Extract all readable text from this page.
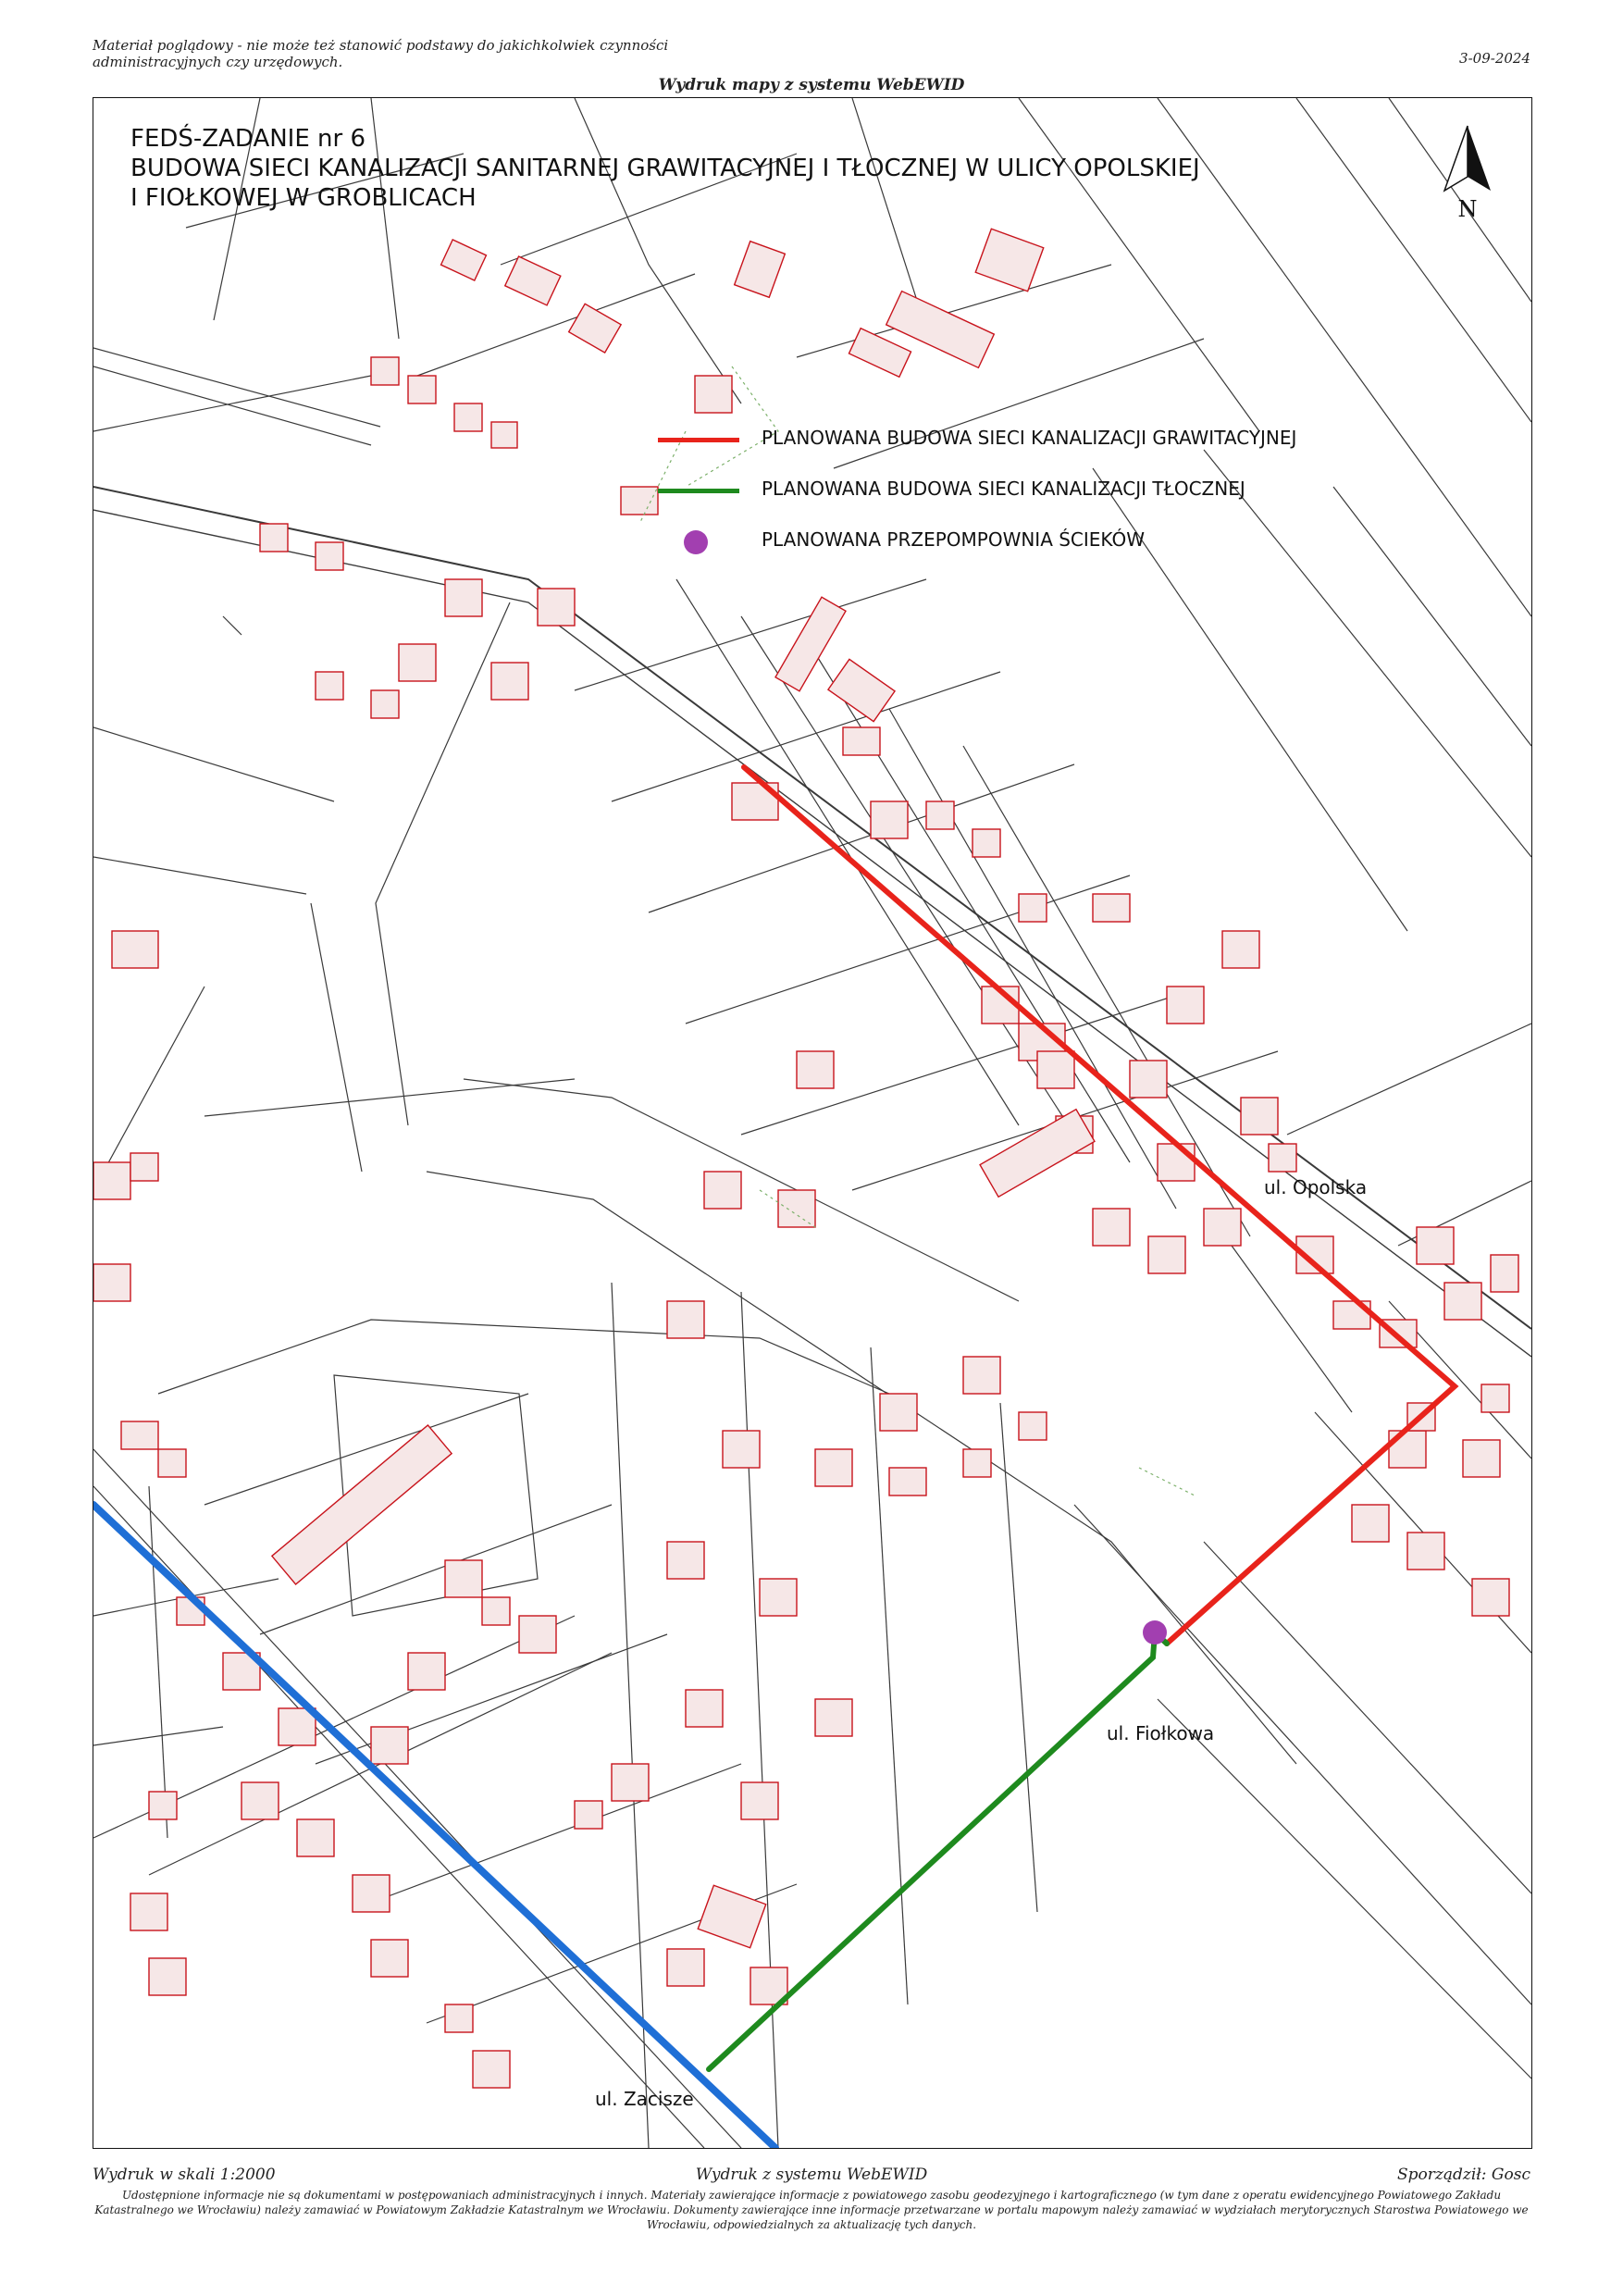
Materiał poglądowy - nie może też stanowić podstawy do jakichkolwiek czynności administracyjnych czy urzędowych.	3-09-2024
Wydruk mapy z systemu WebEWID
FEDŚ-ZADANIE nr 6
BUDOWA SIECI KANALIZACJI SANITARNEJ GRAWITACYJNEJ I TŁOCZNEJ W ULICY OPOLSKIEJ
I FIOŁKOWEJ W GROBLICACH
PLANOWANA BUDOWA SIECI KANALIZACJI GRAWITACYJNEJ
PLANOWANA BUDOWA SIECI KANALIZACJI TŁOCZNEJ
PLANOWANA PRZEPOMPOWNIA ŚCIEKÓW
ul. Opolska
ul. Fiołkowa
ul. Zacisze
N
Wydruk w skali 1:2000	Wydruk z systemu WebEWID	Sporządził: Gosc
Udostępnione informacje nie są dokumentami w postępowaniach administracyjnych i innych. Materiały zawierające informacje z powiatowego zasobu geodezyjnego i kartograficznego (w tym dane z operatu ewidencyjnego Powiatowego Zakładu Katastralnego we Wrocławiu) należy zamawiać w Powiatowym Zakładzie Katastralnym we Wrocławiu. Dokumenty zawierające inne informacje przetwarzane w portalu mapowym należy zamawiać w wydziałach merytorycznych Starostwa Powiatowego we Wrocławiu, odpowiedzialnych za aktualizację tych danych.
